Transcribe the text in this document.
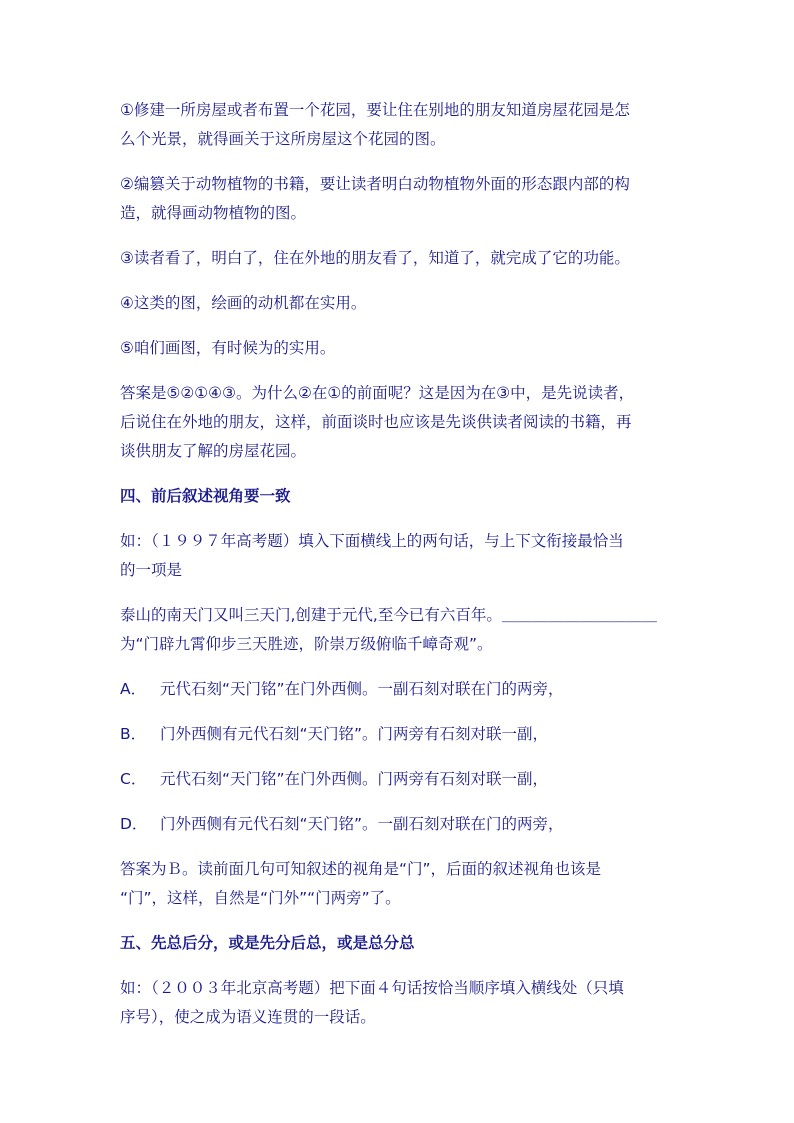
①修建一所房屋或者布置一个花园，要让住在别地的朋友知道房屋花园是怎
么个光景，就得画关于这所房屋这个花园的图。

②编篡关于动物植物的书籍，要让读者明白动物植物外面的形态跟内部的构
造，就得画动物植物的图。

③读者看了，明白了，住在外地的朋友看了，知道了，就完成了它的功能。

④这类的图，绘画的动机都在实用。

⑤咱们画图，有时候为的实用。

答案是⑤②①④③。为什么②在①的前面呢？这是因为在③中，是先说读者，
后说住在外地的朋友，这样，前面谈时也应该是先谈供读者阅读的书籍，再
谈供朋友了解的房屋花园。

四、前后叙述视角要一致

如：（１９９７年高考题）填入下面横线上的两句话，与上下文衔接最恰当
的一项是

泰山的南天门又叫三天门,创建于元代,至今已有六百年。＿＿＿＿＿＿＿＿＿＿
为“门辟九霄仰步三天胜迹，阶崇万级俯临千嶂奇观”。

A． 元代石刻“天门铭”在门外西侧。一副石刻对联在门的两旁，

B． 门外西侧有元代石刻“天门铭”。门两旁有石刻对联一副，

C． 元代石刻“天门铭”在门外西侧。门两旁有石刻对联一副，

D． 门外西侧有元代石刻“天门铭”。一副石刻对联在门的两旁，

答案为Ｂ。读前面几句可知叙述的视角是“门”，后面的叙述视角也该是
“门”，这样，自然是“门外”“门两旁”了。

五、先总后分，或是先分后总，或是总分总

如：（２００３年北京高考题）把下面４句话按恰当顺序填入横线处（只填
序号），使之成为语义连贯的一段话。
